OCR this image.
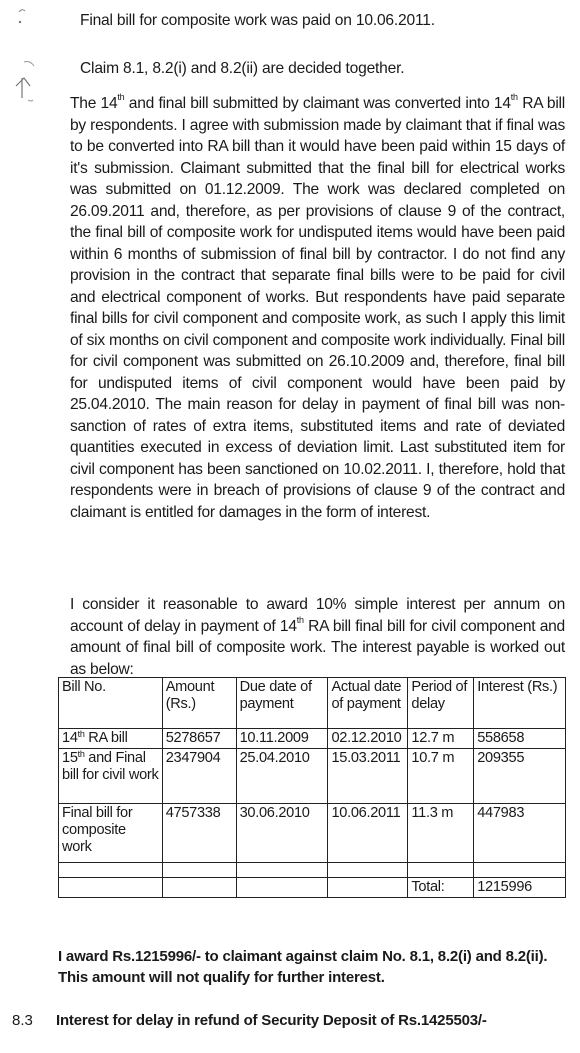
Final bill for composite work was paid on 10.06.2011.
Claim 8.1, 8.2(i) and 8.2(ii) are decided together.
The 14th and final bill submitted by claimant was converted into 14th RA bill by respondents. I agree with submission made by claimant that if final was to be converted into RA bill than it would have been paid within 15 days of it's submission. Claimant submitted that the final bill for electrical works was submitted on 01.12.2009. The work was declared completed on 26.09.2011 and, therefore, as per provisions of clause 9 of the contract, the final bill of composite work for undisputed items would have been paid within 6 months of submission of final bill by contractor. I do not find any provision in the contract that separate final bills were to be paid for civil and electrical component of works. But respondents have paid separate final bills for civil component and composite work, as such I apply this limit of six months on civil component and composite work individually. Final bill for civil component was submitted on 26.10.2009 and, therefore, final bill for undisputed items of civil component would have been paid by 25.04.2010. The main reason for delay in payment of final bill was non-sanction of rates of extra items, substituted items and rate of deviated quantities executed in excess of deviation limit. Last substituted item for civil component has been sanctioned on 10.02.2011. I, therefore, hold that respondents were in breach of provisions of clause 9 of the contract and claimant is entitled for damages in the form of interest.
I consider it reasonable to award 10% simple interest per annum on account of delay in payment of 14th RA bill final bill for civil component and amount of final bill of composite work. The interest payable is worked out as below:
Bill No.	Amount (Rs.)	Due date of payment	Actual date of payment	Period of delay	Interest (Rs.)
14th RA bill	5278657	10.11.2009	02.12.2010	12.7 m	558658
15th and Final bill for civil work	2347904	25.04.2010	15.03.2011	10.7 m	209355
Final bill for composite work	4757338	30.06.2010	10.06.2011	11.3 m	447983

				Total:	1215996
I award Rs.1215996/- to claimant against claim No. 8.1, 8.2(i) and 8.2(ii). This amount will not qualify for further interest.
8.3 Interest for delay in refund of Security Deposit of Rs.1425503/-
